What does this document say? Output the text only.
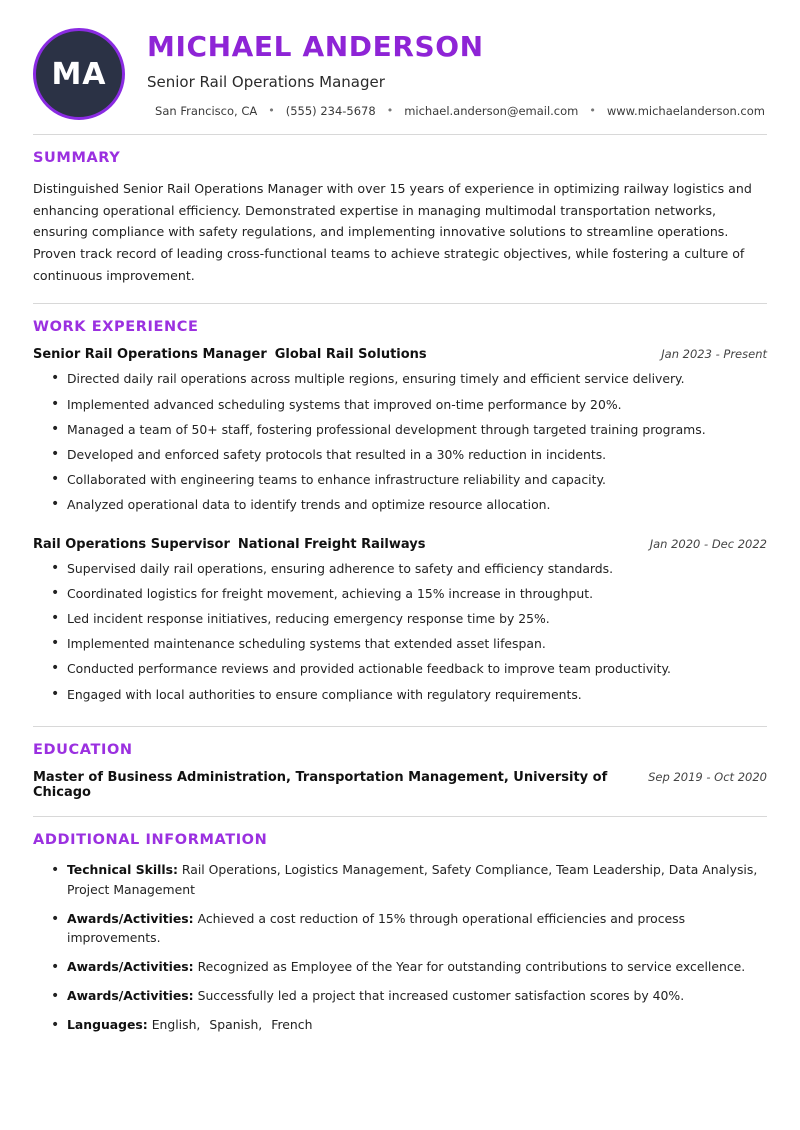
MA
MICHAEL ANDERSON
Senior Rail Operations Manager
San Francisco, CA	• (555) 234-5678	• michael.anderson@email.com	• www.michaelanderson.com
SUMMARY

Distinguished Senior Rail Operations Manager with over 15 years of experience in optimizing railway logistics and enhancing operational efficiency. Demonstrated expertise in managing multimodal transportation networks, ensuring compliance with safety regulations, and implementing innovative solutions to streamline operations. Proven track record of leading cross-functional teams to achieve strategic objectives, while fostering a culture of continuous improvement.

WORK EXPERIENCE
Senior Rail Operations Manager Global Rail Solutions	Jan 2023 - Present
• Directed daily rail operations across multiple regions, ensuring timely and efficient service delivery.
• Implemented advanced scheduling systems that improved on-time performance by 20%.
• Managed a team of 50+ staff, fostering professional development through targeted training programs.
• Developed and enforced safety protocols that resulted in a 30% reduction in incidents.
• Collaborated with engineering teams to enhance infrastructure reliability and capacity.
• Analyzed operational data to identify trends and optimize resource allocation.
Rail Operations Supervisor National Freight Railways	Jan 2020 - Dec 2022
• Supervised daily rail operations, ensuring adherence to safety and efficiency standards.
• Coordinated logistics for freight movement, achieving a 15% increase in throughput.
• Led incident response initiatives, reducing emergency response time by 25%.
• Implemented maintenance scheduling systems that extended asset lifespan.
• Conducted performance reviews and provided actionable feedback to improve team productivity.
• Engaged with local authorities to ensure compliance with regulatory requirements.
EDUCATION
Master of Business Administration, Transportation Management, University of Chicago
Sep 2019 - Oct 2020
ADDITIONAL INFORMATION
• Technical Skills: Rail Operations, Logistics Management, Safety Compliance, Team Leadership, Data Analysis, Project Management
• Awards/Activities: Achieved a cost reduction of 15% through operational efficiencies and process improvements.
• Awards/Activities: Recognized as Employee of the Year for outstanding contributions to service excellence.
• Awards/Activities: Successfully led a project that increased customer satisfaction scores by 40%.
• Languages: English, Spanish, French
